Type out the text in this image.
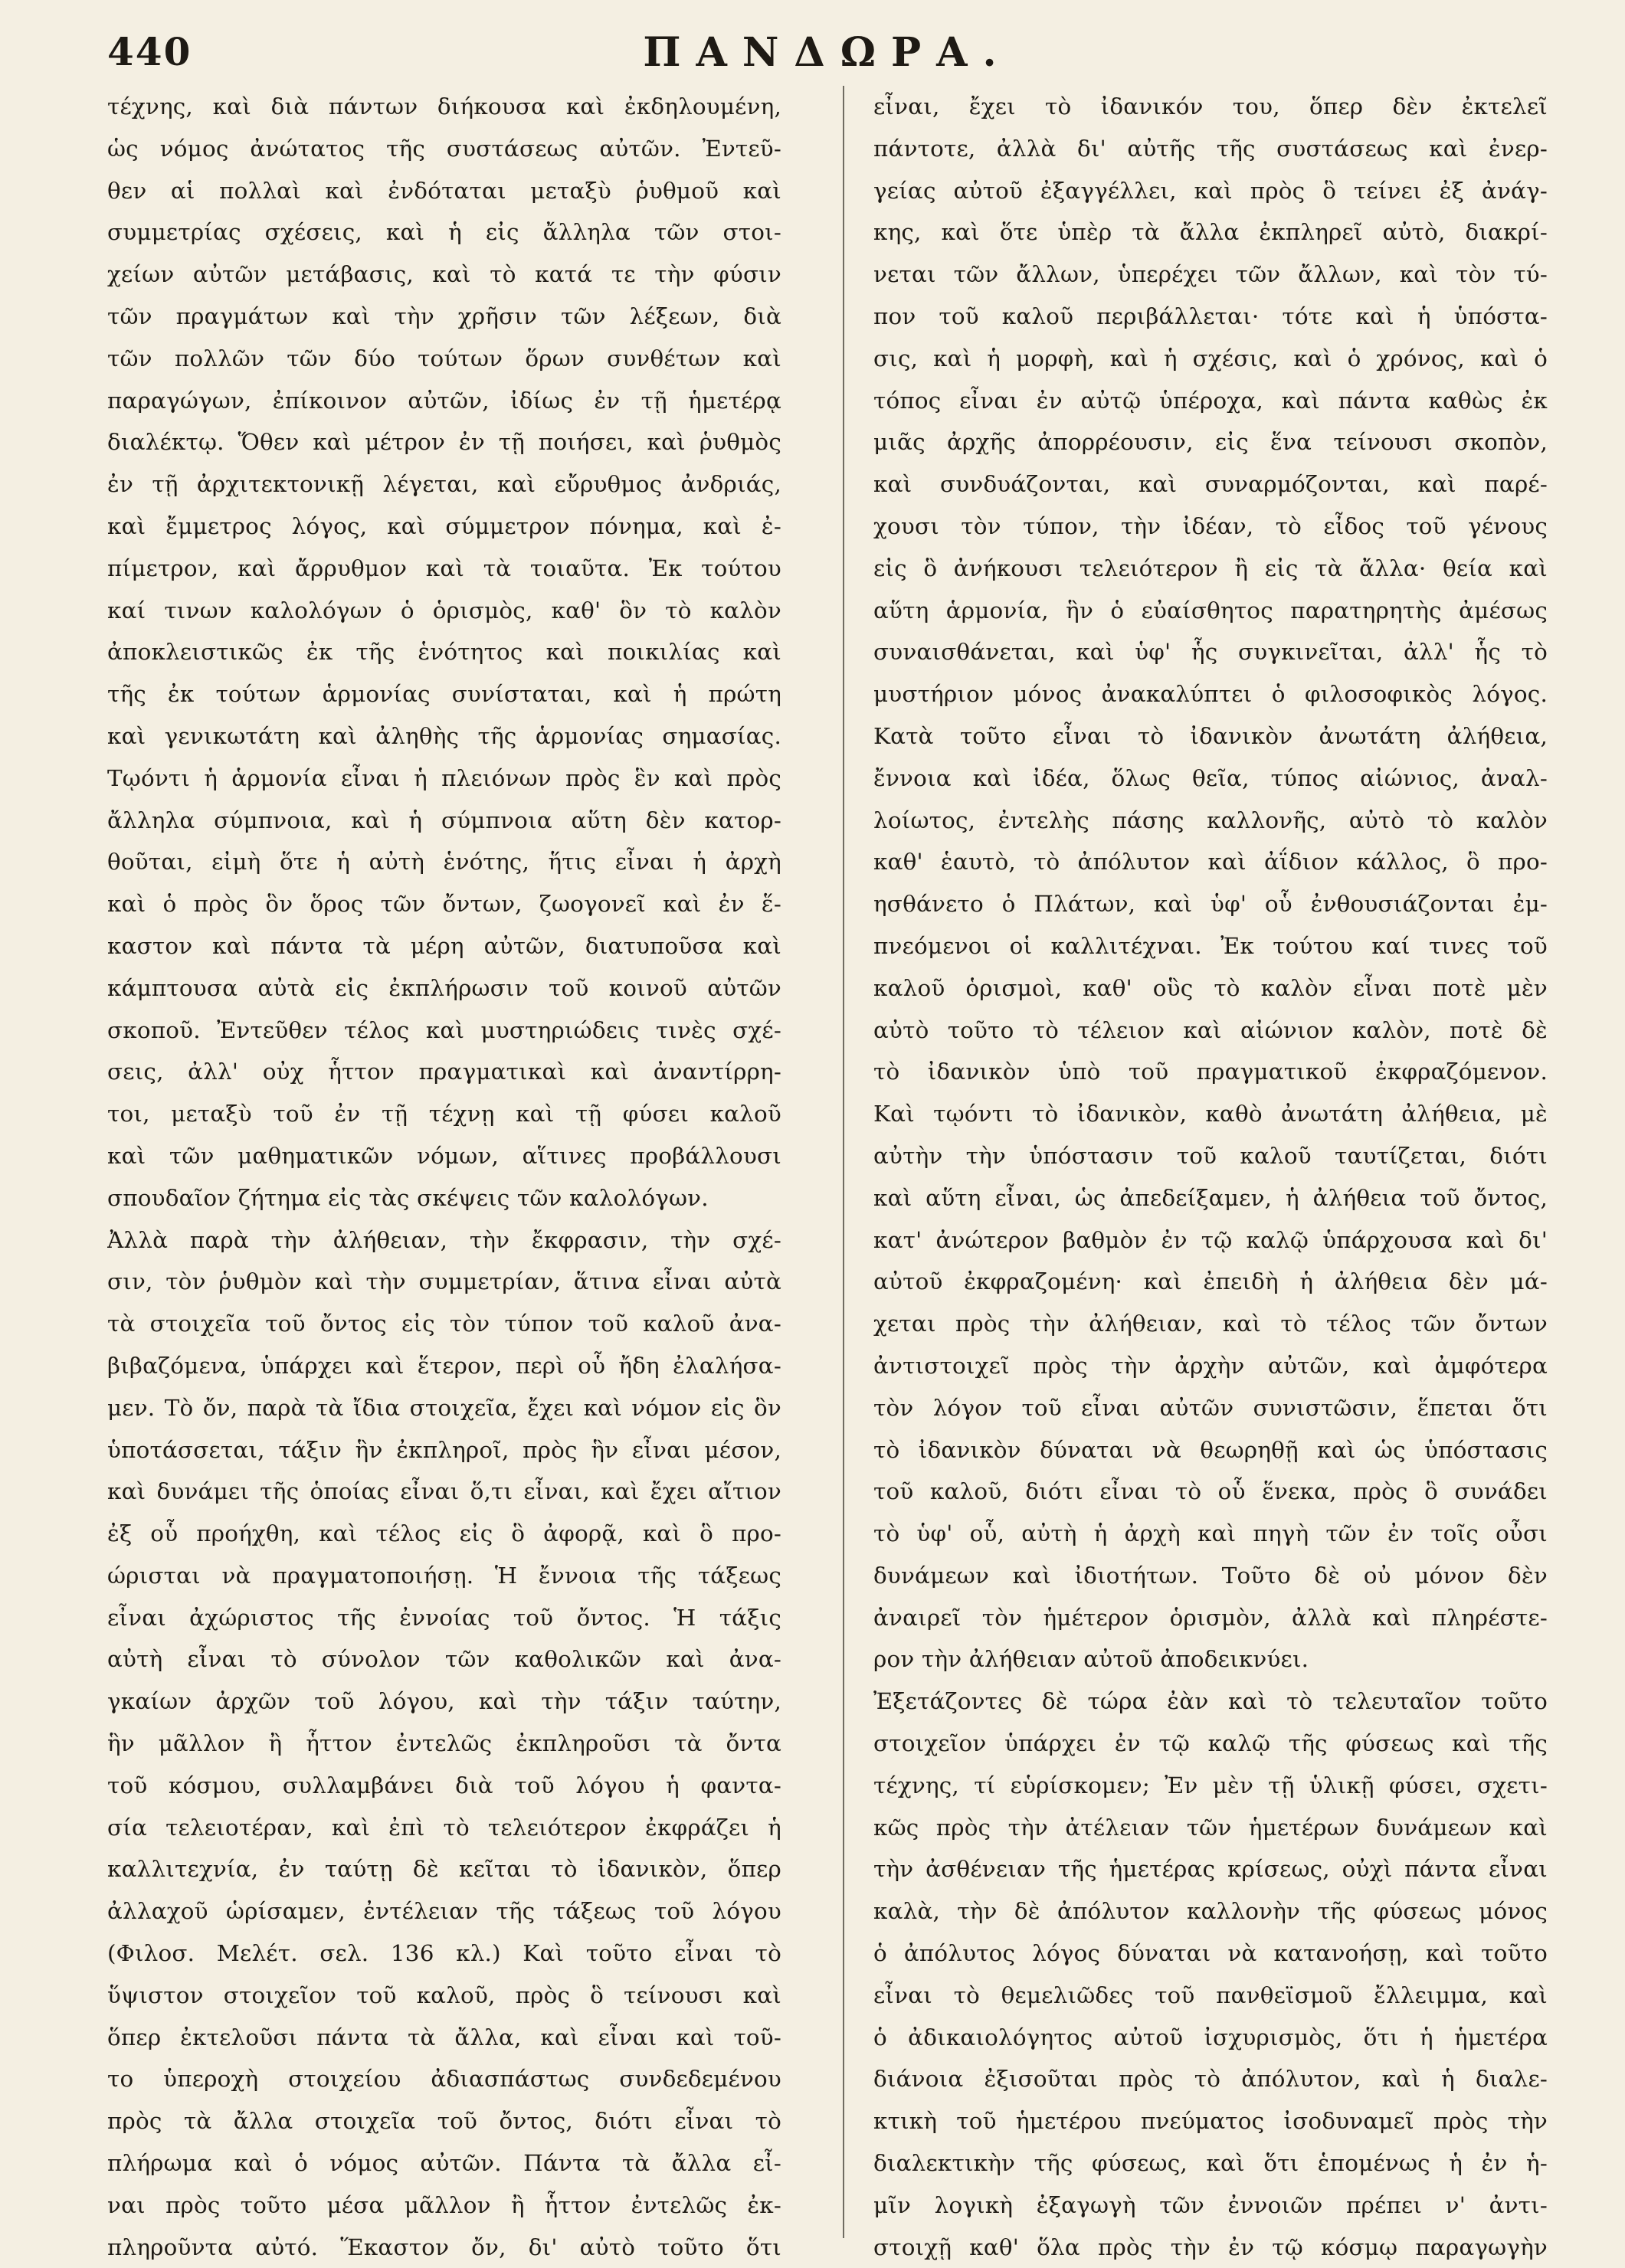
440	ΠΑΝΔΩΡΑ.
τέχνης, καὶ διὰ πάντων διήκουσα καὶ ἐκδηλουμένη,
ὡς νόμος ἀνώτατος τῆς συστάσεως αὐτῶν. Ἐντεῦ-
θεν αἱ πολλαὶ καὶ ἐνδόταται μεταξὺ ῥυθμοῦ καὶ
συμμετρίας σχέσεις, καὶ ἡ εἰς ἄλληλα τῶν στοι-
χείων αὐτῶν μετάβασις, καὶ τὸ κατά τε τὴν φύσιν
τῶν πραγμάτων καὶ τὴν χρῆσιν τῶν λέξεων, διὰ
τῶν πολλῶν τῶν δύο τούτων ὅρων συνθέτων καὶ
παραγώγων, ἐπίκοινον αὐτῶν, ἰδίως ἐν τῇ ἡμετέρᾳ
διαλέκτῳ. Ὅθεν καὶ μέτρον ἐν τῇ ποιήσει, καὶ ῥυθμὸς
ἐν τῇ ἀρχιτεκτονικῇ λέγεται, καὶ εὔρυθμος ἀνδριάς,
καὶ ἔμμετρος λόγος, καὶ σύμμετρον πόνημα, καὶ ἐ-
πίμετρον, καὶ ἄρρυθμον καὶ τὰ τοιαῦτα. Ἐκ τούτου
καί τινων καλολόγων ὁ ὁρισμὸς, καθ' ὃν τὸ καλὸν
ἀποκλειστικῶς ἐκ τῆς ἑνότητος καὶ ποικιλίας καὶ
τῆς ἐκ τούτων ἁρμονίας συνίσταται, καὶ ἡ πρώτη
καὶ γενικωτάτη καὶ ἀληθὴς τῆς ἁρμονίας σημασίας.
Τῳόντι ἡ ἁρμονία εἶναι ἡ πλειόνων πρὸς ἓν καὶ πρὸς
ἄλληλα σύμπνοια, καὶ ἡ σύμπνοια αὕτη δὲν κατορ-
θοῦται, εἰμὴ ὅτε ἡ αὐτὴ ἑνότης, ἥτις εἶναι ἡ ἀρχὴ
καὶ ὁ πρὸς ὃν ὅρος τῶν ὄντων, ζωογονεῖ καὶ ἐν ἕ-
καστον καὶ πάντα τὰ μέρη αὐτῶν, διατυποῦσα καὶ
κάμπτουσα αὐτὰ εἰς ἐκπλήρωσιν τοῦ κοινοῦ αὐτῶν
σκοποῦ. Ἐντεῦθεν τέλος καὶ μυστηριώδεις τινὲς σχέ-
σεις, ἀλλ' οὐχ ἧττον πραγματικαὶ καὶ ἀναντίρρη-
τοι, μεταξὺ τοῦ ἐν τῇ τέχνῃ καὶ τῇ φύσει καλοῦ
καὶ τῶν μαθηματικῶν νόμων, αἵτινες προβάλλουσι
σπουδαῖον ζήτημα εἰς τὰς σκέψεις τῶν καλολόγων.
Ἀλλὰ παρὰ τὴν ἀλήθειαν, τὴν ἔκφρασιν, τὴν σχέ-
σιν, τὸν ῥυθμὸν καὶ τὴν συμμετρίαν, ἅτινα εἶναι αὐτὰ
τὰ στοιχεῖα τοῦ ὄντος εἰς τὸν τύπον τοῦ καλοῦ ἀνα-
βιβαζόμενα, ὑπάρχει καὶ ἕτερον, περὶ οὗ ἤδη ἐλαλήσα-
μεν. Τὸ ὄν, παρὰ τὰ ἴδια στοιχεῖα, ἔχει καὶ νόμον εἰς ὃν
ὑποτάσσεται, τάξιν ἣν ἐκπληροῖ, πρὸς ἣν εἶναι μέσον,
καὶ δυνάμει τῆς ὁποίας εἶναι ὅ,τι εἶναι, καὶ ἔχει αἴτιον
ἐξ οὗ προήχθη, καὶ τέλος εἰς ὃ ἀφορᾷ, καὶ ὃ προ-
ώρισται νὰ πραγματοποιήσῃ. Ἡ ἔννοια τῆς τάξεως
εἶναι ἀχώριστος τῆς ἐννοίας τοῦ ὄντος. Ἡ τάξις
αὐτὴ εἶναι τὸ σύνολον τῶν καθολικῶν καὶ ἀνα-
γκαίων ἀρχῶν τοῦ λόγου, καὶ τὴν τάξιν ταύτην,
ἣν μᾶλλον ἢ ἧττον ἐντελῶς ἐκπληροῦσι τὰ ὄντα
τοῦ κόσμου, συλλαμβάνει διὰ τοῦ λόγου ἡ φαντα-
σία τελειοτέραν, καὶ ἐπὶ τὸ τελειότερον ἐκφράζει ἡ
καλλιτεχνία, ἐν ταύτῃ δὲ κεῖται τὸ ἰδανικὸν, ὅπερ
ἀλλαχοῦ ὡρίσαμεν, ἐντέλειαν τῆς τάξεως τοῦ λόγου
(Φιλοσ. Μελέτ. σελ. 136 κλ.) Καὶ τοῦτο εἶναι τὸ
ὕψιστον στοιχεῖον τοῦ καλοῦ, πρὸς ὃ τείνουσι καὶ
ὅπερ ἐκτελοῦσι πάντα τὰ ἄλλα, καὶ εἶναι καὶ τοῦ-
το ὑπεροχὴ στοιχείου ἀδιασπάστως συνδεδεμένου
πρὸς τὰ ἄλλα στοιχεῖα τοῦ ὄντος, διότι εἶναι τὸ
πλήρωμα καὶ ὁ νόμος αὐτῶν. Πάντα τὰ ἄλλα εἶ-
ναι πρὸς τοῦτο μέσα μᾶλλον ἢ ἧττον ἐντελῶς ἐκ-
πληροῦντα αὐτό. Ἕκαστον ὄν, δι' αὐτὸ τοῦτο ὅτι
εἶναι, ἔχει τὸ ἰδανικόν του, ὅπερ δὲν ἐκτελεῖ
πάντοτε, ἀλλὰ δι' αὐτῆς τῆς συστάσεως καὶ ἐνερ-
γείας αὐτοῦ ἐξαγγέλλει, καὶ πρὸς ὃ τείνει ἐξ ἀνάγ-
κης, καὶ ὅτε ὑπὲρ τὰ ἄλλα ἐκπληρεῖ αὐτὸ, διακρί-
νεται τῶν ἄλλων, ὑπερέχει τῶν ἄλλων, καὶ τὸν τύ-
πον τοῦ καλοῦ περιβάλλεται· τότε καὶ ἡ ὑπόστα-
σις, καὶ ἡ μορφὴ, καὶ ἡ σχέσις, καὶ ὁ χρόνος, καὶ ὁ
τόπος εἶναι ἐν αὐτῷ ὑπέροχα, καὶ πάντα καθὼς ἐκ
μιᾶς ἀρχῆς ἀπορρέουσιν, εἰς ἕνα τείνουσι σκοπὸν,
καὶ συνδυάζονται, καὶ συναρμόζονται, καὶ παρέ-
χουσι τὸν τύπον, τὴν ἰδέαν, τὸ εἶδος τοῦ γένους
εἰς ὃ ἀνήκουσι τελειότερον ἢ εἰς τὰ ἄλλα· θεία καὶ
αὕτη ἁρμονία, ἣν ὁ εὐαίσθητος παρατηρητὴς ἀμέσως
συναισθάνεται, καὶ ὑφ' ἧς συγκινεῖται, ἀλλ' ἧς τὸ
μυστήριον μόνος ἀνακαλύπτει ὁ φιλοσοφικὸς λόγος.
Κατὰ τοῦτο εἶναι τὸ ἰδανικὸν ἀνωτάτη ἀλήθεια,
ἔννοια καὶ ἰδέα, ὅλως θεῖα, τύπος αἰώνιος, ἀναλ-
λοίωτος, ἐντελὴς πάσης καλλονῆς, αὐτὸ τὸ καλὸν
καθ' ἑαυτὸ, τὸ ἀπόλυτον καὶ ἀΐδιον κάλλος, ὃ προ-
ησθάνετο ὁ Πλάτων, καὶ ὑφ' οὗ ἐνθουσιάζονται ἐμ-
πνεόμενοι οἱ καλλιτέχναι. Ἐκ τούτου καί τινες τοῦ
καλοῦ ὁρισμοὶ, καθ' οὓς τὸ καλὸν εἶναι ποτὲ μὲν
αὐτὸ τοῦτο τὸ τέλειον καὶ αἰώνιον καλὸν, ποτὲ δὲ
τὸ ἰδανικὸν ὑπὸ τοῦ πραγματικοῦ ἐκφραζόμενον.
Καὶ τῳόντι τὸ ἰδανικὸν, καθὸ ἀνωτάτη ἀλήθεια, μὲ
αὐτὴν τὴν ὑπόστασιν τοῦ καλοῦ ταυτίζεται, διότι
καὶ αὕτη εἶναι, ὡς ἀπεδείξαμεν, ἡ ἀλήθεια τοῦ ὄντος,
κατ' ἀνώτερον βαθμὸν ἐν τῷ καλῷ ὑπάρχουσα καὶ δι'
αὐτοῦ ἐκφραζομένη· καὶ ἐπειδὴ ἡ ἀλήθεια δὲν μά-
χεται πρὸς τὴν ἀλήθειαν, καὶ τὸ τέλος τῶν ὄντων
ἀντιστοιχεῖ πρὸς τὴν ἀρχὴν αὐτῶν, καὶ ἀμφότερα
τὸν λόγον τοῦ εἶναι αὐτῶν συνιστῶσιν, ἕπεται ὅτι
τὸ ἰδανικὸν δύναται νὰ θεωρηθῇ καὶ ὡς ὑπόστασις
τοῦ καλοῦ, διότι εἶναι τὸ οὗ ἕνεκα, πρὸς ὃ συνάδει
τὸ ὑφ' οὗ, αὐτὴ ἡ ἀρχὴ καὶ πηγὴ τῶν ἐν τοῖς οὖσι
δυνάμεων καὶ ἰδιοτήτων. Τοῦτο δὲ οὐ μόνον δὲν
ἀναιρεῖ τὸν ἡμέτερον ὁρισμὸν, ἀλλὰ καὶ πληρέστε-
ρον τὴν ἀλήθειαν αὐτοῦ ἀποδεικνύει.
Ἐξετάζοντες δὲ τώρα ἐὰν καὶ τὸ τελευταῖον τοῦτο
στοιχεῖον ὑπάρχει ἐν τῷ καλῷ τῆς φύσεως καὶ τῆς
τέχνης, τί εὑρίσκομεν; Ἐν μὲν τῇ ὑλικῇ φύσει, σχετι-
κῶς πρὸς τὴν ἀτέλειαν τῶν ἡμετέρων δυνάμεων καὶ
τὴν ἀσθένειαν τῆς ἡμετέρας κρίσεως, οὐχὶ πάντα εἶναι
καλὰ, τὴν δὲ ἀπόλυτον καλλονὴν τῆς φύσεως μόνος
ὁ ἀπόλυτος λόγος δύναται νὰ κατανοήσῃ, καὶ τοῦτο
εἶναι τὸ θεμελιῶδες τοῦ πανθεϊσμοῦ ἔλλειμμα, καὶ
ὁ ἀδικαιολόγητος αὐτοῦ ἰσχυρισμὸς, ὅτι ἡ ἡμετέρα
διάνοια ἐξισοῦται πρὸς τὸ ἀπόλυτον, καὶ ἡ διαλε-
κτικὴ τοῦ ἡμετέρου πνεύματος ἰσοδυναμεῖ πρὸς τὴν
διαλεκτικὴν τῆς φύσεως, καὶ ὅτι ἑπομένως ἡ ἐν ἡ-
μῖν λογικὴ ἐξαγωγὴ τῶν ἐννοιῶν πρέπει ν' ἀντι-
στοιχῇ καθ' ὅλα πρὸς τὴν ἐν τῷ κόσμῳ παραγωγὴν
